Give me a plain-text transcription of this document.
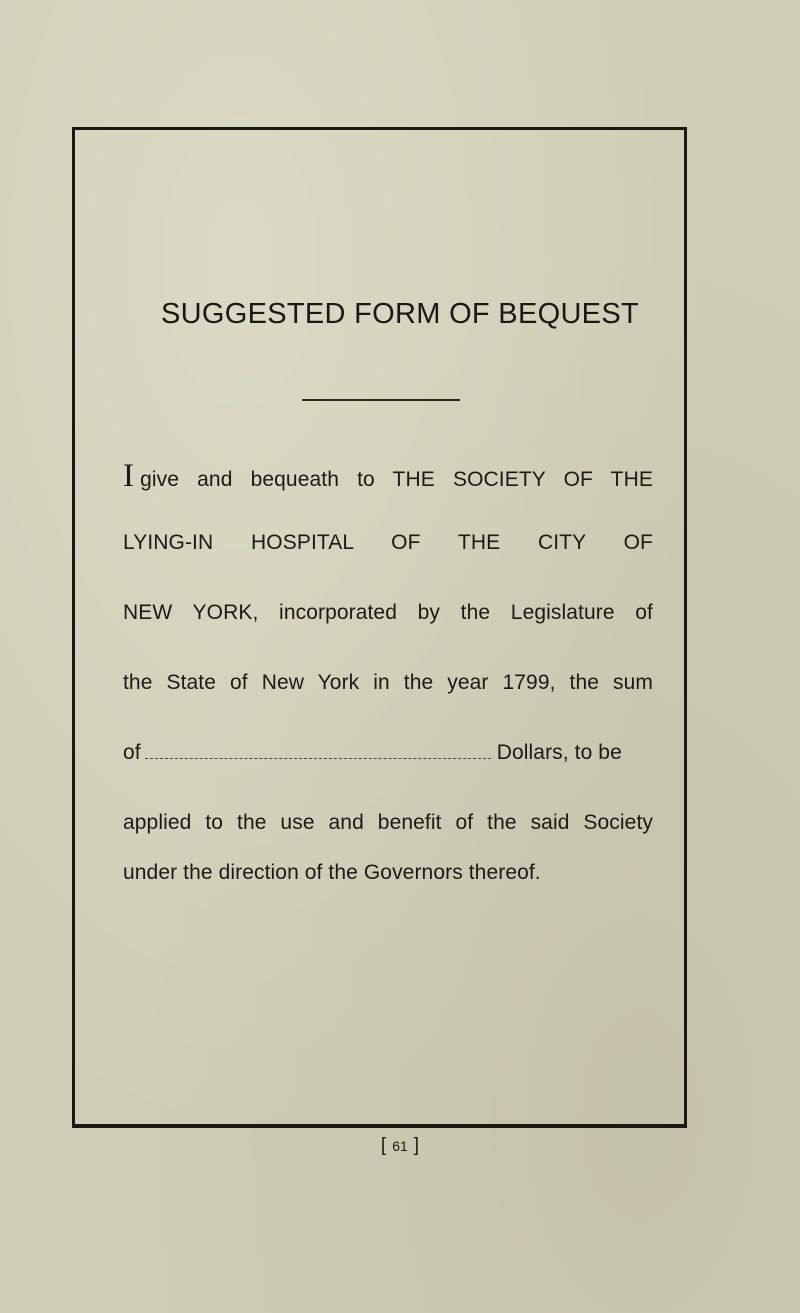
SUGGESTED FORM OF BEQUEST
Igive and bequeath to THE SOCIETY OF THE
LYING-IN HOSPITAL OF THE CITY OF
NEW YORK, incorporated by the Legislature of
the State of New York in the year 1799, the sum
of	Dollars, to be
applied to the use and benefit of the said Society
under the direction of the Governors thereof.
[ 61 ]
